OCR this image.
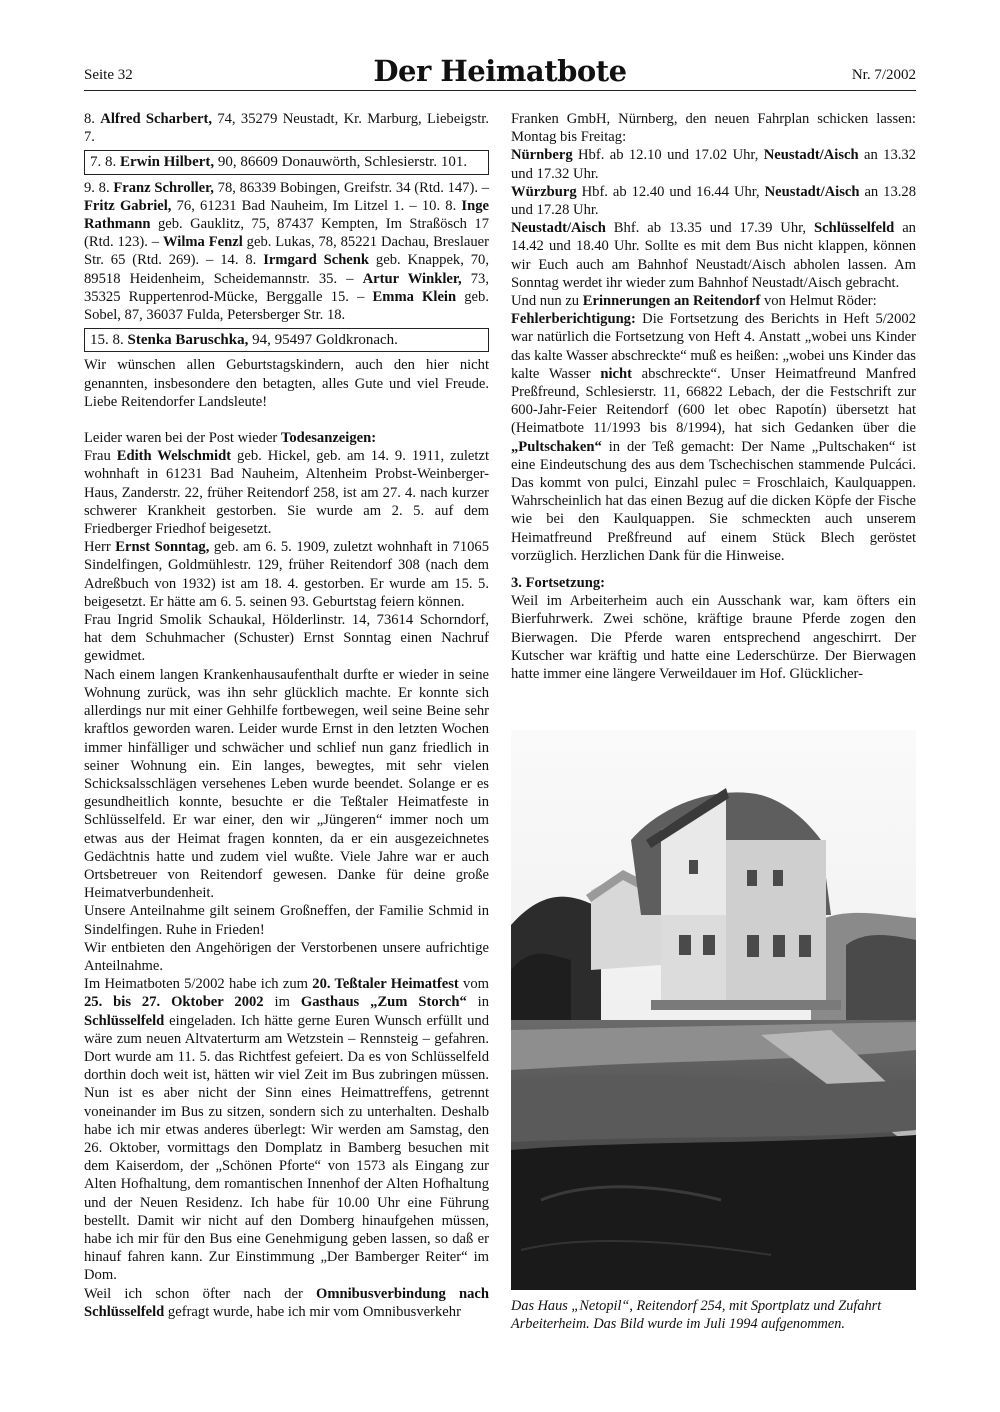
Seite 32	Der Heimatbote	Nr. 7/2002

8. Alfred Scharbert, 74, 35279 Neustadt, Kr. Marburg, Liebeigstr. 7.

7. 8. Erwin Hilbert, 90, 86609 Donauwörth, Schlesierstr. 101.

9. 8. Franz Schroller, 78, 86339 Bobingen, Greifstr. 34 (Rtd. 147). – Fritz Gabriel, 76, 61231 Bad Nauheim, Im Litzel 1. – 10. 8. Inge Rathmann geb. Gauklitz, 75, 87437 Kempten, Im Straßösch 17 (Rtd. 123). – Wilma Fenzl geb. Lukas, 78, 85221 Dachau, Breslauer Str. 65 (Rtd. 269). – 14. 8. Irmgard Schenk geb. Knappek, 70, 89518 Heidenheim, Scheidemannstr. 35. – Artur Winkler, 73, 35325 Ruppertenrod-Mücke, Berggalle 15. – Emma Klein geb. Sobel, 87, 36037 Fulda, Petersberger Str. 18.

15. 8. Stenka Baruschka, 94, 95497 Goldkronach.

Wir wünschen allen Geburtstagskindern, auch den hier nicht genannten, insbesondere den betagten, alles Gute und viel Freude. Liebe Reitendorfer Landsleute!

Leider waren bei der Post wieder Todesanzeigen:

Frau Edith Welschmidt geb. Hickel, geb. am 14. 9. 1911, zuletzt wohnhaft in 61231 Bad Nauheim, Altenheim Probst-Weinberger-Haus, Zanderstr. 22, früher Reitendorf 258, ist am 27. 4. nach kurzer schwerer Krankheit gestorben. Sie wurde am 2. 5. auf dem Friedberger Friedhof beigesetzt.

Herr Ernst Sonntag, geb. am 6. 5. 1909, zuletzt wohnhaft in 71065 Sindelfingen, Goldmühlestr. 129, früher Reitendorf 308 (nach dem Adreßbuch von 1932) ist am 18. 4. gestorben. Er wurde am 15. 5. beigesetzt. Er hätte am 6. 5. seinen 93. Geburtstag feiern können.

Frau Ingrid Smolik Schaukal, Hölderlinstr. 14, 73614 Schorndorf, hat dem Schuhmacher (Schuster) Ernst Sonntag einen Nachruf gewidmet.

Nach einem langen Krankenhausaufenthalt durfte er wieder in seine Wohnung zurück, was ihn sehr glücklich machte. Er konnte sich allerdings nur mit einer Gehhilfe fortbewegen, weil seine Beine sehr kraftlos geworden waren. Leider wurde Ernst in den letzten Wochen immer hinfälliger und schwächer und schlief nun ganz friedlich in seiner Wohnung ein. Ein langes, bewegtes, mit sehr vielen Schicksalsschlägen versehenes Leben wurde beendet. Solange er es gesundheitlich konnte, besuchte er die Teßtaler Heimatfeste in Schlüsselfeld. Er war einer, den wir „Jüngeren“ immer noch um etwas aus der Heimat fragen konnten, da er ein ausgezeichnetes Gedächtnis hatte und zudem viel wußte. Viele Jahre war er auch Ortsbetreuer von Reitendorf gewesen. Danke für deine große Heimatverbundenheit.

Unsere Anteilnahme gilt seinem Großneffen, der Familie Schmid in Sindelfingen. Ruhe in Frieden!

Wir entbieten den Angehörigen der Verstorbenen unsere aufrichtige Anteilnahme.

Im Heimatboten 5/2002 habe ich zum 20. Teßtaler Heimatfest vom 25. bis 27. Oktober 2002 im Gasthaus „Zum Storch“ in Schlüsselfeld eingeladen. Ich hätte gerne Euren Wunsch erfüllt und wäre zum neuen Altvaterturm am Wetzstein – Rennsteig – gefahren. Dort wurde am 11. 5. das Richtfest gefeiert. Da es von Schlüsselfeld dorthin doch weit ist, hätten wir viel Zeit im Bus zubringen müssen. Nun ist es aber nicht der Sinn eines Heimattreffens, getrennt voneinander im Bus zu sitzen, sondern sich zu unterhalten. Deshalb habe ich mir etwas anderes überlegt: Wir werden am Samstag, den 26. Oktober, vormittags den Domplatz in Bamberg besuchen mit dem Kaiserdom, der „Schönen Pforte“ von 1573 als Eingang zur Alten Hofhaltung, dem romantischen Innenhof der Alten Hofhaltung und der Neuen Residenz. Ich habe für 10.00 Uhr eine Führung bestellt. Damit wir nicht auf den Domberg hinaufgehen müssen, habe ich mir für den Bus eine Genehmigung geben lassen, so daß er hinauf fahren kann. Zur Einstimmung „Der Bamberger Reiter“ im Dom.

Weil ich schon öfter nach der Omnibusverbindung nach Schlüsselfeld gefragt wurde, habe ich mir vom Omnibusverkehr

Franken GmbH, Nürnberg, den neuen Fahrplan schicken lassen: Montag bis Freitag:

Nürnberg Hbf. ab 12.10 und 17.02 Uhr, Neustadt/Aisch an 13.32 und 17.32 Uhr.

Würzburg Hbf. ab 12.40 und 16.44 Uhr, Neustadt/Aisch an 13.28 und 17.28 Uhr.

Neustadt/Aisch Bhf. ab 13.35 und 17.39 Uhr, Schlüsselfeld an 14.42 und 18.40 Uhr. Sollte es mit dem Bus nicht klappen, können wir Euch auch am Bahnhof Neustadt/Aisch abholen lassen. Am Sonntag werdet ihr wieder zum Bahnhof Neustadt/Aisch gebracht.

Und nun zu Erinnerungen an Reitendorf von Helmut Röder:

Fehlerberichtigung: Die Fortsetzung des Berichts in Heft 5/2002 war natürlich die Fortsetzung von Heft 4. Anstatt „wobei uns Kinder das kalte Wasser abschreckte“ muß es heißen: „wobei uns Kinder das kalte Wasser nicht abschreckte“. Unser Heimatfreund Manfred Preßfreund, Schlesierstr. 11, 66822 Lebach, der die Festschrift zur 600-Jahr-Feier Reitendorf (600 let obec Rapotín) übersetzt hat (Heimatbote 11/1993 bis 8/1994), hat sich Gedanken über die „Pultschaken“ in der Teß gemacht: Der Name „Pultschaken“ ist eine Eindeutschung des aus dem Tschechischen stammende Pulcáci. Das kommt von pulci, Einzahl pulec = Froschlaich, Kaulquappen. Wahrscheinlich hat das einen Bezug auf die dicken Köpfe der Fische wie bei den Kaulquappen. Sie schmeckten auch unserem Heimatfreund Preßfreund auf einem Stück Blech geröstet vorzüglich. Herzlichen Dank für die Hinweise.

3. Fortsetzung:

Weil im Arbeiterheim auch ein Ausschank war, kam öfters ein Bierfuhrwerk. Zwei schöne, kräftige braune Pferde zogen den Bierwagen. Die Pferde waren entsprechend angeschirrt. Der Kutscher war kräftig und hatte eine Lederschürze. Der Bierwagen hatte immer eine längere Verweildauer im Hof. Glücklicher-

Das Haus „Netopil“, Reitendorf 254, mit Sportplatz und Zufahrt Arbeiterheim. Das Bild wurde im Juli 1994 aufgenommen.
